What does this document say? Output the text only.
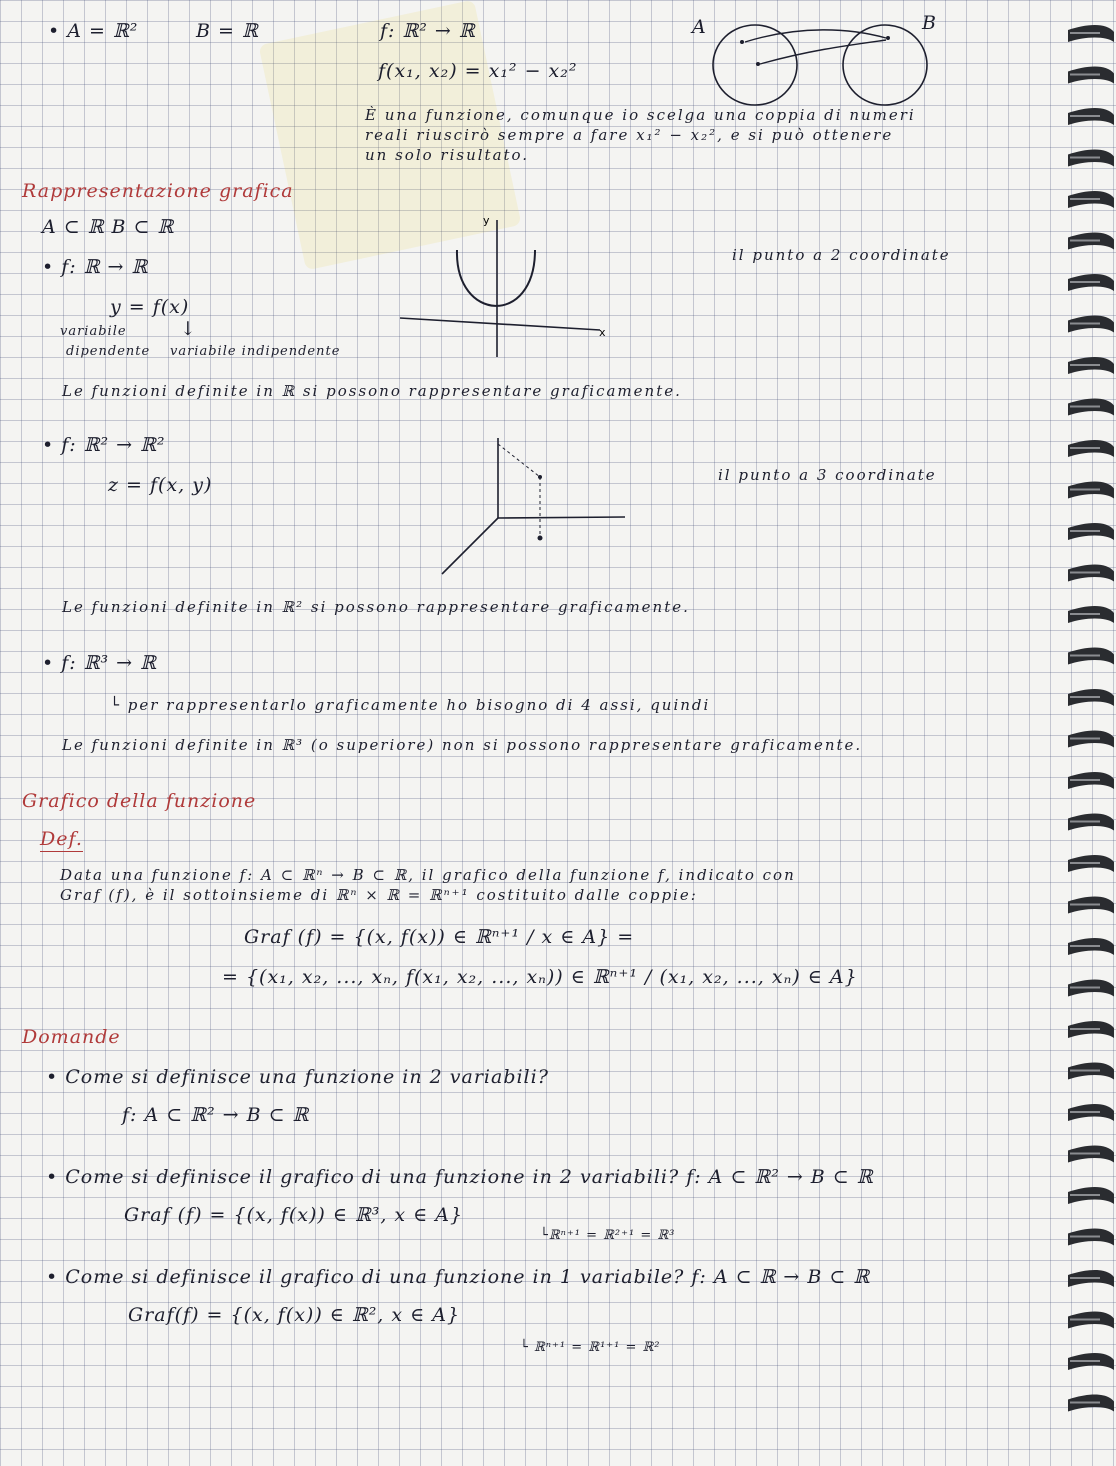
• A = ℝ²	B = ℝ	f: ℝ² → ℝ
f(x₁, x₂) = x₁² − x₂²
A	B
È una funzione, comunque io scelga una coppia di numeri
reali riuscirò sempre a fare x₁² − x₂², e si può ottenere
un solo risultato.
Rappresentazione grafica
A ⊂ ℝ B ⊂ ℝ
• f: ℝ → ℝ
il punto a 2 coordinate
y = f(x)
↓
variabile
dipendente variabile indipendente
y
x
Le funzioni definite in ℝ si possono rappresentare graficamente.
• f: ℝ² → ℝ²
il punto a 3 coordinate
z = f(x, y)
Le funzioni definite in ℝ² si possono rappresentare graficamente.
• f: ℝ³ → ℝ
└ per rappresentarlo graficamente ho bisogno di 4 assi, quindi
Le funzioni definite in ℝ³ (o superiore) non si possono rappresentare graficamente.
Grafico della funzione
Def.
Data una funzione f: A ⊂ ℝⁿ → B ⊂ ℝ, il grafico della funzione f, indicato con
Graf (f), è il sottoinsieme di ℝⁿ × ℝ = ℝⁿ⁺¹ costituito dalle coppie:
Graf (f) = {(x, f(x)) ∈ ℝⁿ⁺¹ / x ∈ A} =
= {(x₁, x₂, ..., xₙ, f(x₁, x₂, ..., xₙ)) ∈ ℝⁿ⁺¹ / (x₁, x₂, ..., xₙ) ∈ A}
Domande
• Come si definisce una funzione in 2 variabili?
f: A ⊂ ℝ² → B ⊂ ℝ
• Come si definisce il grafico di una funzione in 2 variabili? f: A ⊂ ℝ² → B ⊂ ℝ
Graf (f) = {(x, f(x)) ∈ ℝ³, x ∈ A}
└ℝⁿ⁺¹ = ℝ²⁺¹ = ℝ³
• Come si definisce il grafico di una funzione in 1 variabile? f: A ⊂ ℝ → B ⊂ ℝ
Graf(f) = {(x, f(x)) ∈ ℝ², x ∈ A}
└ ℝⁿ⁺¹ = ℝ¹⁺¹ = ℝ²
